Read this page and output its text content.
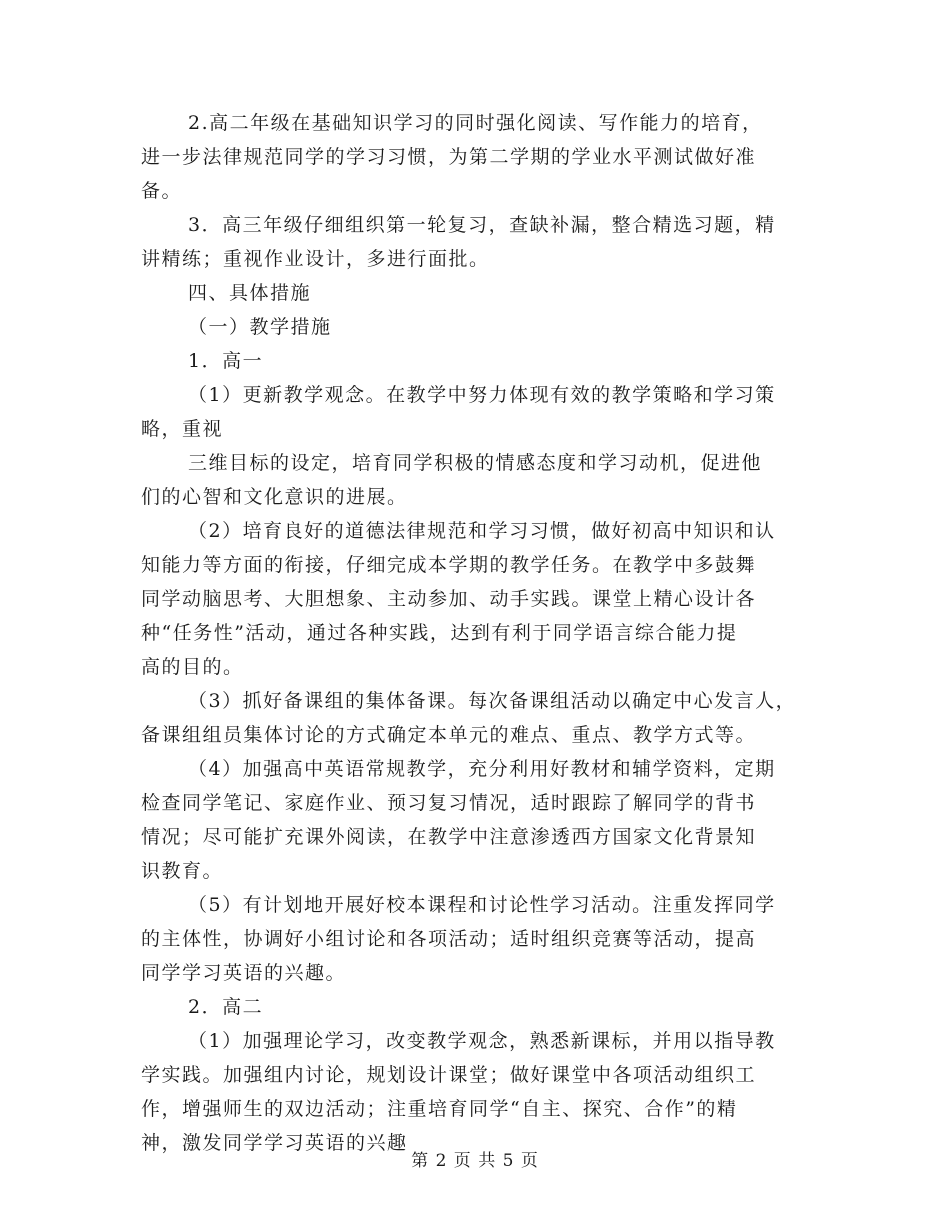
2.高二年级在基础知识学习的同时强化阅读、写作能力的培育，
进一步法律规范同学的学习习惯，为第二学期的学业水平测试做好准
备。
3．高三年级仔细组织第一轮复习，查缺补漏，整合精选习题，精
讲精练；重视作业设计，多进行面批。
四、具体措施
（一）教学措施
1．高一
（1）更新教学观念。在教学中努力体现有效的教学策略和学习策
略，重视
三维目标的设定，培育同学积极的情感态度和学习动机，促进他
们的心智和文化意识的进展。
（2）培育良好的道德法律规范和学习习惯，做好初高中知识和认
知能力等方面的衔接，仔细完成本学期的教学任务。在教学中多鼓舞
同学动脑思考、大胆想象、主动参加、动手实践。课堂上精心设计各
种“任务性”活动，通过各种实践，达到有利于同学语言综合能力提
高的目的。
（3）抓好备课组的集体备课。每次备课组活动以确定中心发言人，
备课组组员集体讨论的方式确定本单元的难点、重点、教学方式等。
（4）加强高中英语常规教学，充分利用好教材和辅学资料，定期
检查同学笔记、家庭作业、预习复习情况，适时跟踪了解同学的背书
情况；尽可能扩充课外阅读，在教学中注意渗透西方国家文化背景知
识教育。
（5）有计划地开展好校本课程和讨论性学习活动。注重发挥同学
的主体性，协调好小组讨论和各项活动；适时组织竞赛等活动，提高
同学学习英语的兴趣。
2．高二
（1）加强理论学习，改变教学观念，熟悉新课标，并用以指导教
学实践。加强组内讨论，规划设计课堂；做好课堂中各项活动组织工
作，增强师生的双边活动；注重培育同学“自主、探究、合作”的精
神，激发同学学习英语的兴趣
第 2 页 共 5 页
